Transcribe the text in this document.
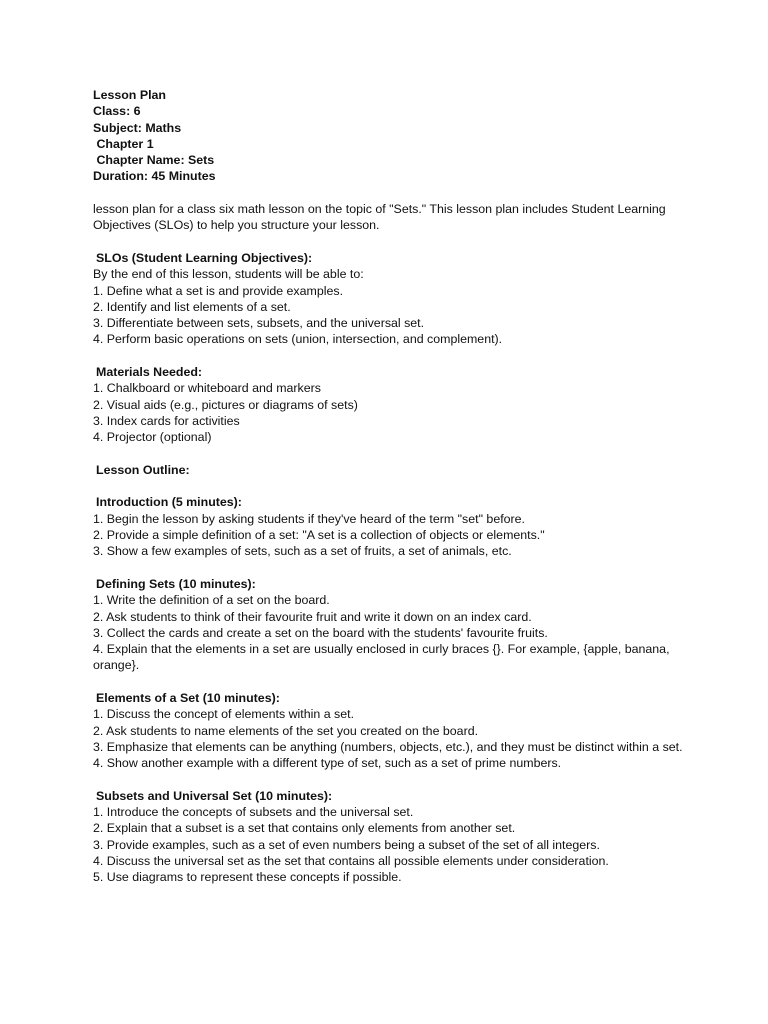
Lesson Plan
Class: 6
Subject: Maths
Chapter 1
Chapter Name: Sets
Duration: 45 Minutes
lesson plan for a class six math lesson on the topic of "Sets." This lesson plan includes Student Learning Objectives (SLOs) to help you structure your lesson.
SLOs (Student Learning Objectives):
By the end of this lesson, students will be able to:
1. Define what a set is and provide examples.
2. Identify and list elements of a set.
3. Differentiate between sets, subsets, and the universal set.
4. Perform basic operations on sets (union, intersection, and complement).
Materials Needed:
1. Chalkboard or whiteboard and markers
2. Visual aids (e.g., pictures or diagrams of sets)
3. Index cards for activities
4. Projector (optional)
Lesson Outline:
Introduction (5 minutes):
1. Begin the lesson by asking students if they've heard of the term "set" before.
2. Provide a simple definition of a set: "A set is a collection of objects or elements."
3. Show a few examples of sets, such as a set of fruits, a set of animals, etc.
Defining Sets (10 minutes):
1. Write the definition of a set on the board.
2. Ask students to think of their favourite fruit and write it down on an index card.
3. Collect the cards and create a set on the board with the students' favourite fruits.
4. Explain that the elements in a set are usually enclosed in curly braces {}. For example, {apple, banana, orange}.
Elements of a Set (10 minutes):
1. Discuss the concept of elements within a set.
2. Ask students to name elements of the set you created on the board.
3. Emphasize that elements can be anything (numbers, objects, etc.), and they must be distinct within a set.
4. Show another example with a different type of set, such as a set of prime numbers.
Subsets and Universal Set (10 minutes):
1. Introduce the concepts of subsets and the universal set.
2. Explain that a subset is a set that contains only elements from another set.
3. Provide examples, such as a set of even numbers being a subset of the set of all integers.
4. Discuss the universal set as the set that contains all possible elements under consideration.
5. Use diagrams to represent these concepts if possible.
